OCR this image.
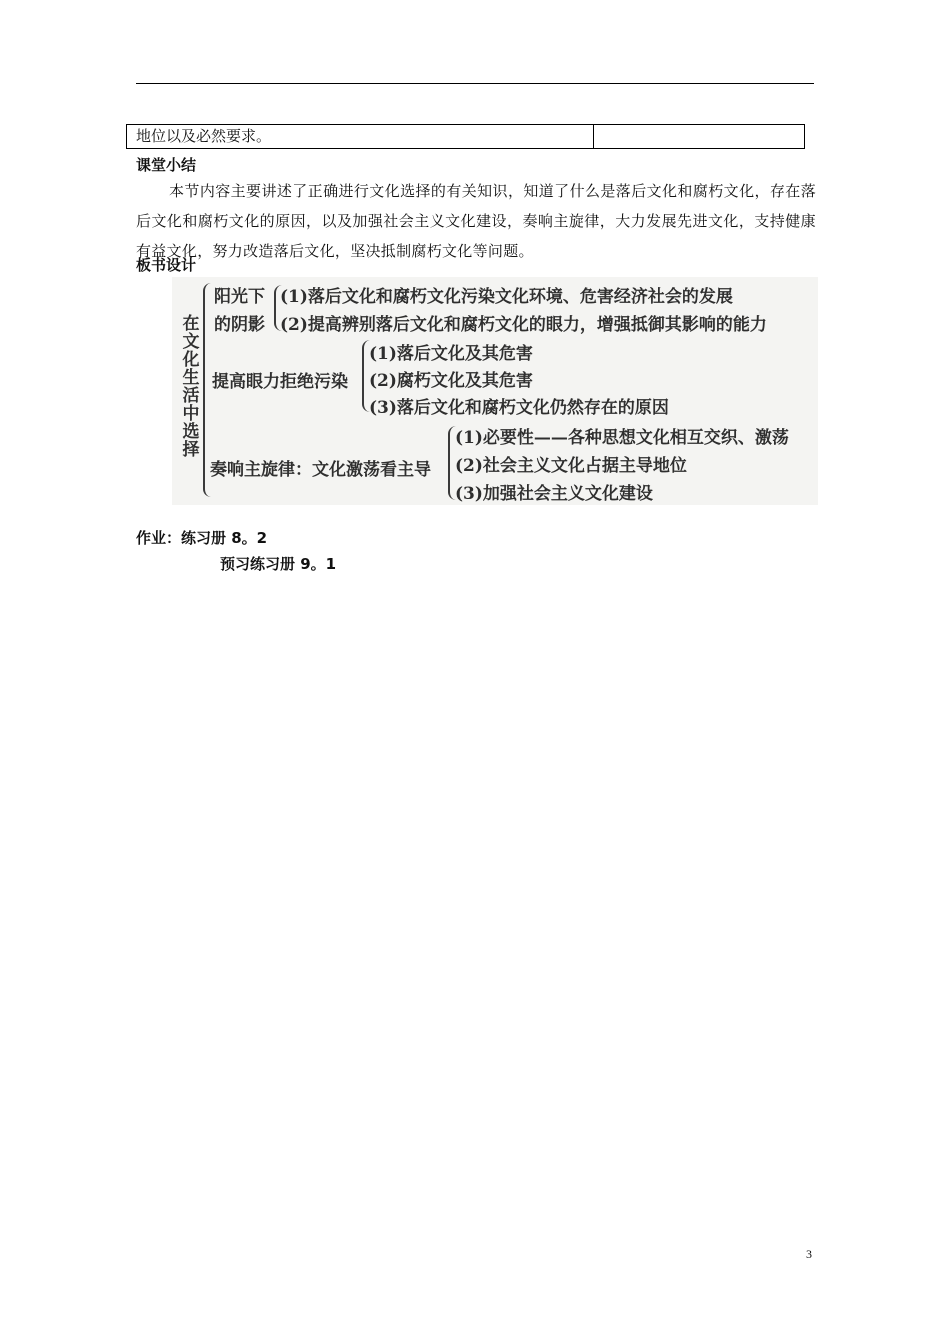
地位以及必然要求。
课堂小结
本节内容主要讲述了正确进行文化选择的有关知识，知道了什么是落后文化和腐朽文化，存在落后文化和腐朽文化的原因，以及加强社会主义文化建设，奏响主旋律，大力发展先进文化，支持健康有益文化，努力改造落后文化，坚决抵制腐朽文化等问题。
板书设计
在
文
化
生
活
中
选
择
阳光下
的阴影
(1)落后文化和腐朽文化污染文化环境、危害经济社会的发展
(2)提高辨别落后文化和腐朽文化的眼力，增强抵御其影响的能力
提高眼力拒绝污染
(1)落后文化及其危害
(2)腐朽文化及其危害
(3)落后文化和腐朽文化仍然存在的原因
奏响主旋律：文化激荡看主导
(1)必要性——各种思想文化相互交织、激荡
(2)社会主义文化占据主导地位
(3)加强社会主义文化建设
作业：练习册 8。2
预习练习册 9。1
3
